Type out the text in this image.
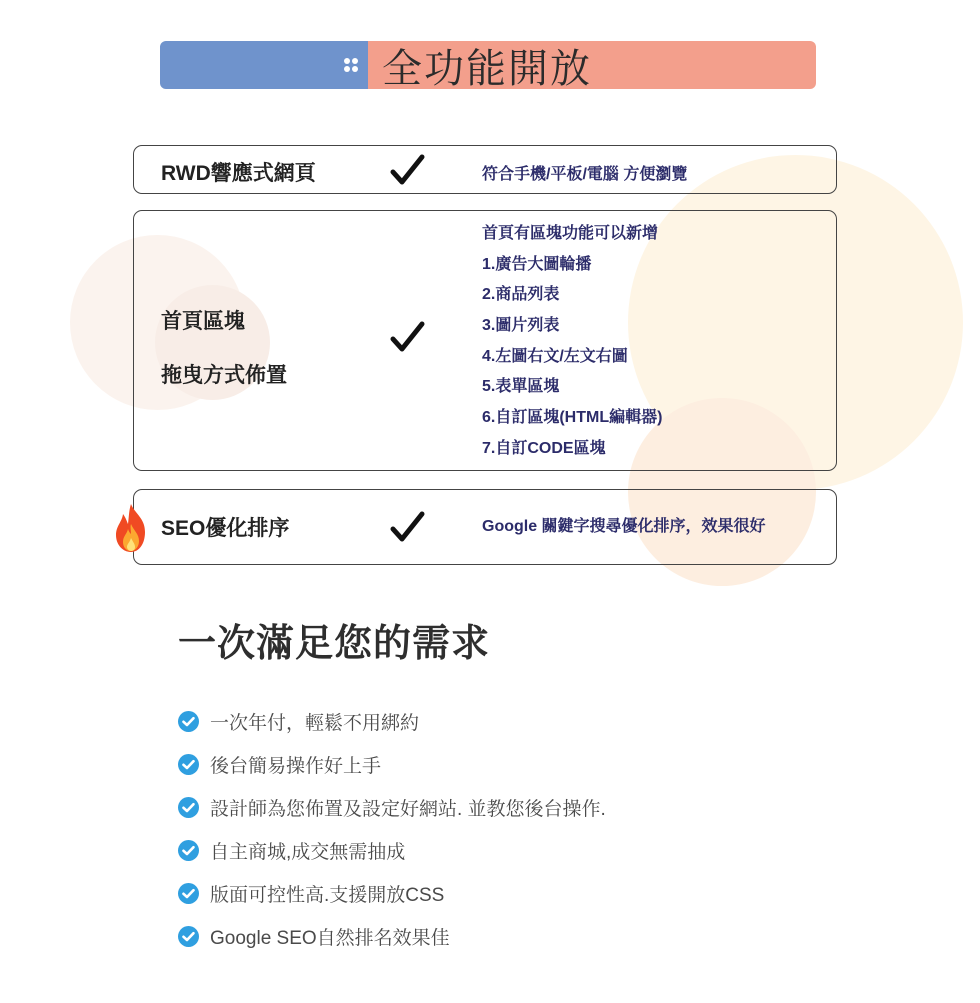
全功能開放
RWD響應式網頁	符合手機/平板/電腦 方便瀏覽
首頁區塊
拖曳方式佈置
首頁有區塊功能可以新增
1.廣告大圖輪播
2.商品列表
3.圖片列表
4.左圖右文/左文右圖
5.表單區塊
6.自訂區塊(HTML編輯器)
7.自訂CODE區塊
SEO優化排序	Google 關鍵字搜尋優化排序，效果很好
一次滿足您的需求
一次年付，輕鬆不用綁約
後台簡易操作好上手
設計師為您佈置及設定好網站. 並教您後台操作.
自主商城,成交無需抽成
版面可控性高.支援開放CSS
Google SEO自然排名效果佳
